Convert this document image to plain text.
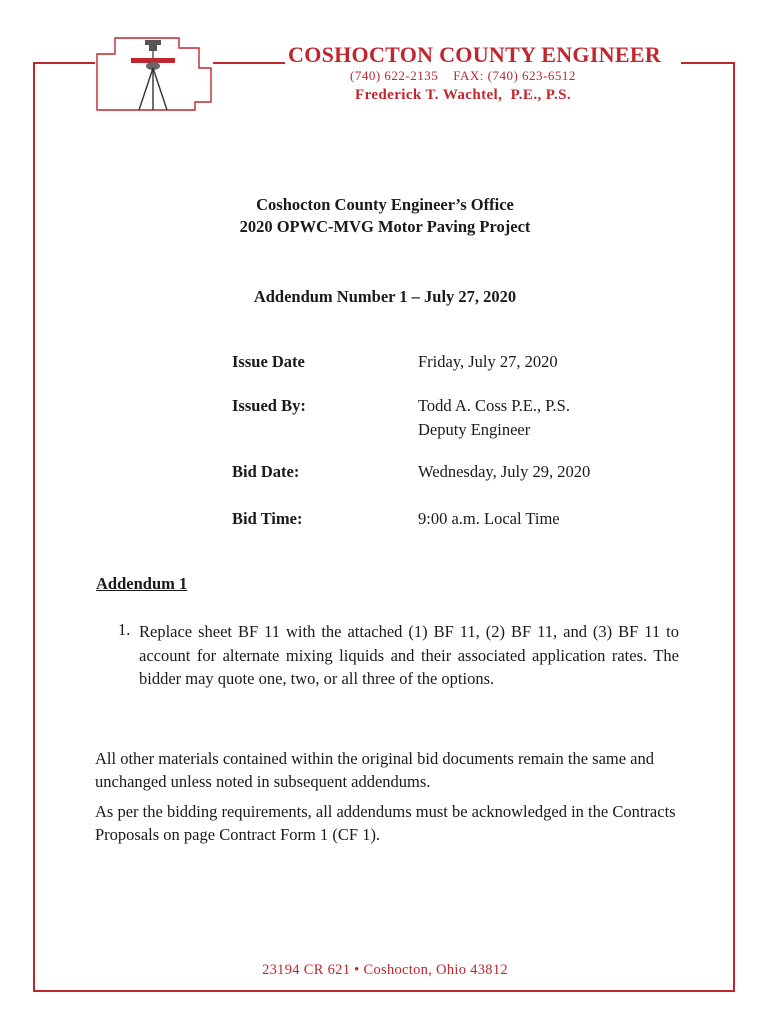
COSHOCTON COUNTY ENGINEER
(740) 622-2135    FAX: (740) 623-6512
Frederick T. Wachtel,  P.E., P.S.
Coshocton County Engineer’s Office
2020 OPWC-MVG Motor Paving Project
Addendum Number 1 – July 27, 2020
Issue Date	Friday, July 27, 2020
Issued By:	Todd A. Coss P.E., P.S.
Deputy Engineer
Bid Date:	Wednesday, July 29, 2020
Bid Time:	9:00 a.m. Local Time
Addendum 1
1. Replace sheet BF 11 with the attached (1) BF 11, (2) BF 11, and (3) BF 11 to account for alternate mixing liquids and their associated application rates. The bidder may quote one, two, or all three of the options.
All other materials contained within the original bid documents remain the same and unchanged unless noted in subsequent addendums.
As per the bidding requirements, all addendums must be acknowledged in the Contracts Proposals on page Contract Form 1 (CF 1).
23194 CR 621 • Coshocton, Ohio 43812
